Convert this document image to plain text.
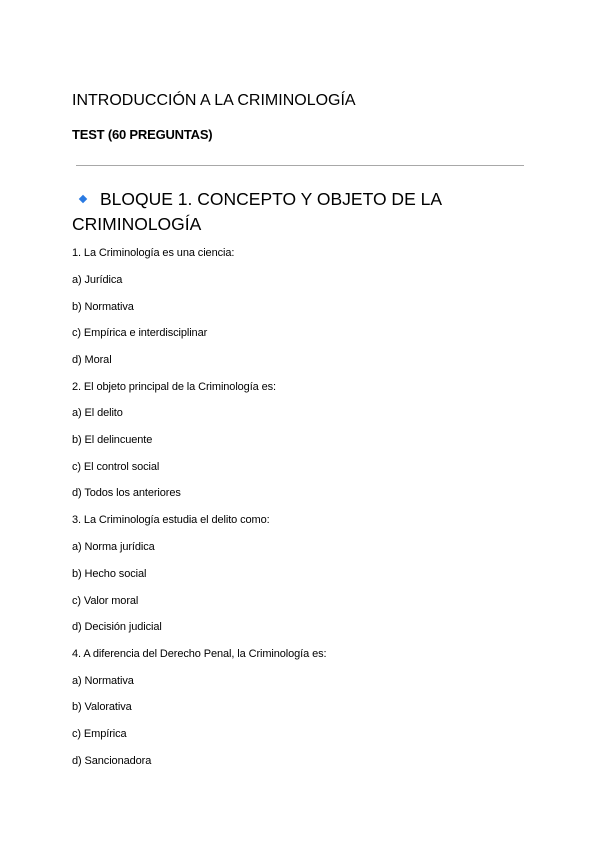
INTRODUCCIÓN A LA CRIMINOLOGÍA
TEST (60 PREGUNTAS)
BLOQUE 1. CONCEPTO Y OBJETO DE LA CRIMINOLOGÍA
1. La Criminología es una ciencia:
a) Jurídica
b) Normativa
c) Empírica e interdisciplinar
d) Moral
2. El objeto principal de la Criminología es:
a) El delito
b) El delincuente
c) El control social
d) Todos los anteriores
3. La Criminología estudia el delito como:
a) Norma jurídica
b) Hecho social
c) Valor moral
d) Decisión judicial
4. A diferencia del Derecho Penal, la Criminología es:
a) Normativa
b) Valorativa
c) Empírica
d) Sancionadora
